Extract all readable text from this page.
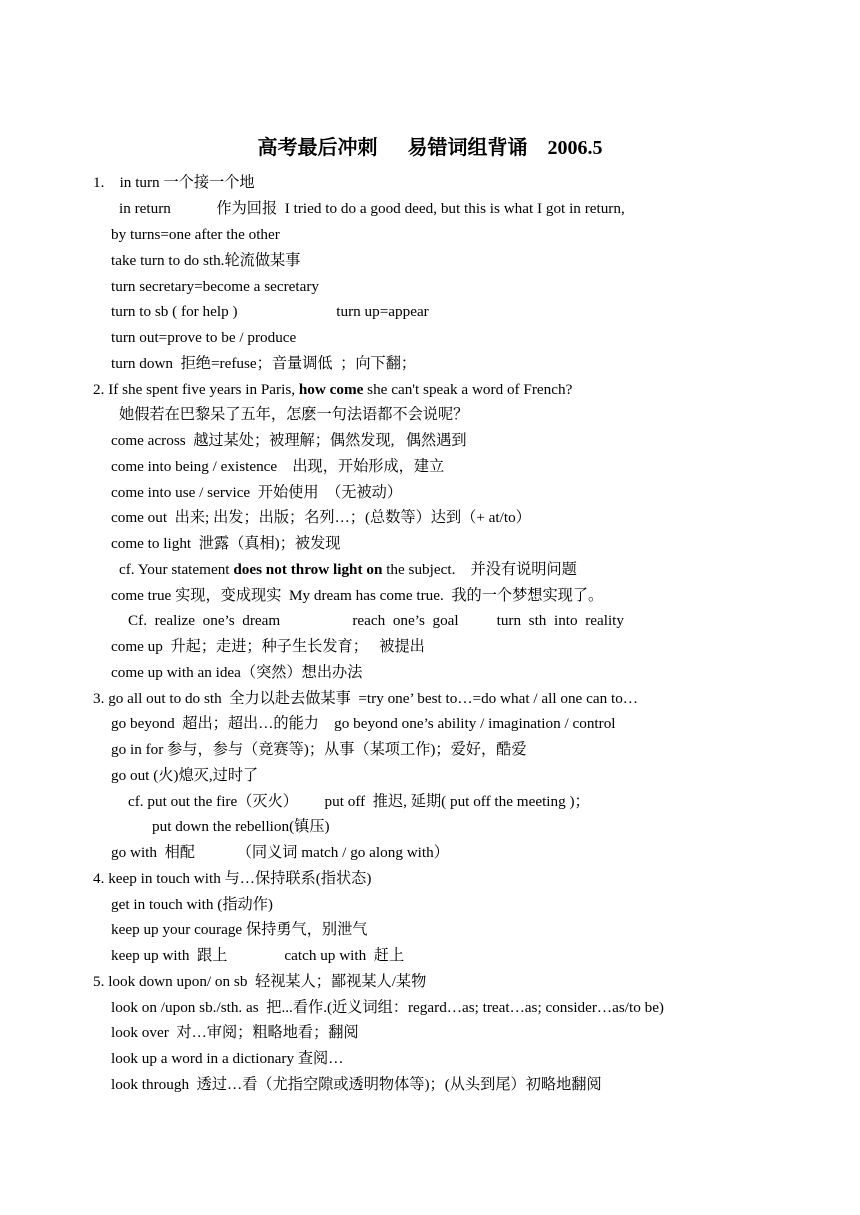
高考最后冲刺      易错词组背诵    2006.5
1.    in turn 一个接一个地
in return            作为回报  I tried to do a good deed, but this is what I got in return,
by turns=one after the other
take turn to do sth.轮流做某事
turn secretary=become a secretary
turn to sb ( for help )                          turn up=appear
turn out=prove to be / produce
turn down  拒绝=refuse；音量调低  ；向下翻；
2. If she spent five years in Paris, how come she can't speak a word of French?
她假若在巴黎呆了五年，怎麽一句法语都不会说呢？
come across  越过某处；被理解；偶然发现,   偶然遇到
come into being / existence    出现，开始形成，建立
come into use / service  开始使用  （无被动）
come out  出来; 出发；出版；名列…；(总数等）达到（+ at/to）
come to light  泄露（真相)；被发现
cf. Your statement does not throw light on the subject.    并没有说明问题
come true 实现，变成现实  My dream has come true.  我的一个梦想实现了。
Cf.  realize  one’s  dream                   reach  one’s  goal          turn  sth  into  reality
come up  升起；走进；种子生长发育；   被提出
come up with an idea（突然）想出办法
3. go all out to do sth  全力以赴去做某事  =try one’ best to…=do what / all one can to…
go beyond  超出；超出…的能力    go beyond one’s ability / imagination / control
go in for 参与，参与（竞赛等)；从事（某项工作)；爱好，酷爱
go out (火)熄灭,过时了
cf. put out the fire（灭火）       put off  推迟, 延期( put off the meeting )；
put down the rebellion(镇压)
go with  相配           （同义词 match / go along with）
4. keep in touch with 与…保持联系(指状态)
get in touch with (指动作)
keep up your courage 保持勇气，别泄气
keep up with  跟上               catch up with  赶上
5. look down upon/ on sb  轻视某人；鄙视某人/某物
look on /upon sb./sth. as  把...看作.(近义词组：regard…as; treat…as; consider…as/to be)
look over  对…审阅；粗略地看；翻阅
look up a word in a dictionary 查阅…
look through  透过…看（尤指空隙或透明物体等)；(从头到尾）初略地翻阅
